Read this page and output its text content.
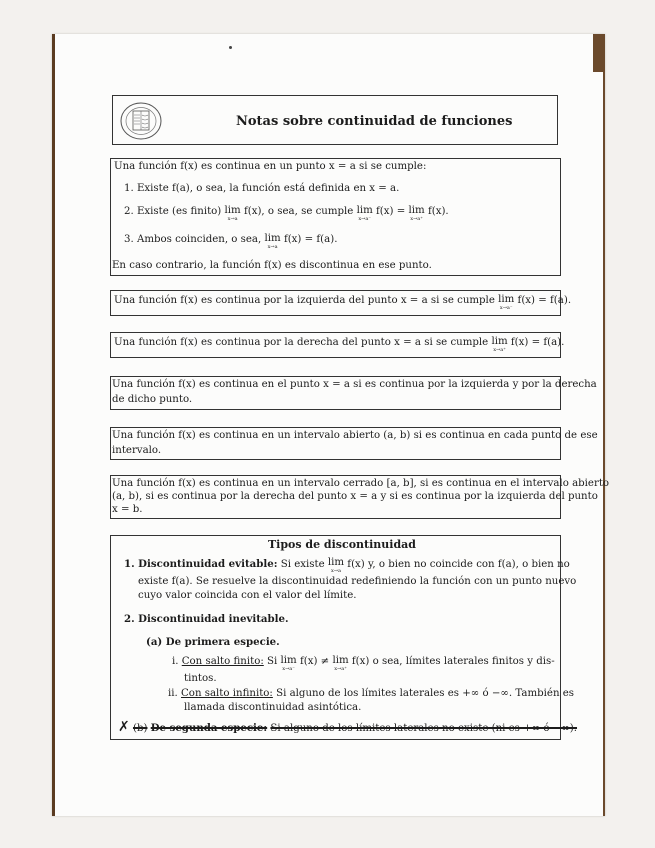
Notas sobre continuidad de funciones
Una función f(x) es continua en un punto x = a si se cumple:
1. Existe f(a), o sea, la función está definida en x = a.
2. Existe (es finito) lim
x→a
f(x), o sea, se cumple lim
x→a⁻
f(x) = lim
x→a⁺
f(x).
3. Ambos coinciden, o sea, lim
x→a
f(x) = f(a).
En caso contrario, la función f(x) es discontinua en ese punto.
Una función f(x) es continua por la izquierda del punto x = a si se cumple lim
x→a⁻
f(x) = f(a).
Una función f(x) es continua por la derecha del punto x = a si se cumple lim
x→a⁺
f(x) = f(a).
Una función f(x) es continua en el punto x = a si es continua por la izquierda y por la derecha
de dicho punto.
Una función f(x) es continua en un intervalo abierto (a, b) si es continua en cada punto de ese
intervalo.
Una función f(x) es continua en un intervalo cerrado [a, b], si es continua en el intervalo abierto
(a, b), si es continua por la derecha del punto x = a y si es continua por la izquierda del punto
x = b.
Tipos de discontinuidad
1. Discontinuidad evitable: Si existe lim
x→a
f(x) y, o bien no coincide con f(a), o bien no
existe f(a). Se resuelve la discontinuidad redefiniendo la función con un punto nuevo
cuyo valor coincida con el valor del límite.
2. Discontinuidad inevitable.
(a) De primera especie.
i. Con salto finito: Si lim
x→a⁻
f(x) ≠ lim
x→a⁺
f(x) o sea, límites laterales finitos y dis-
tintos.
ii. Con salto infinito: Si alguno de los límites laterales es +∞ ó −∞. También es
llamada discontinuidad asintótica.
✗ (b) De segunda especie: Si alguno de los límites laterales no existe (ni es +∞ ó −∞).
